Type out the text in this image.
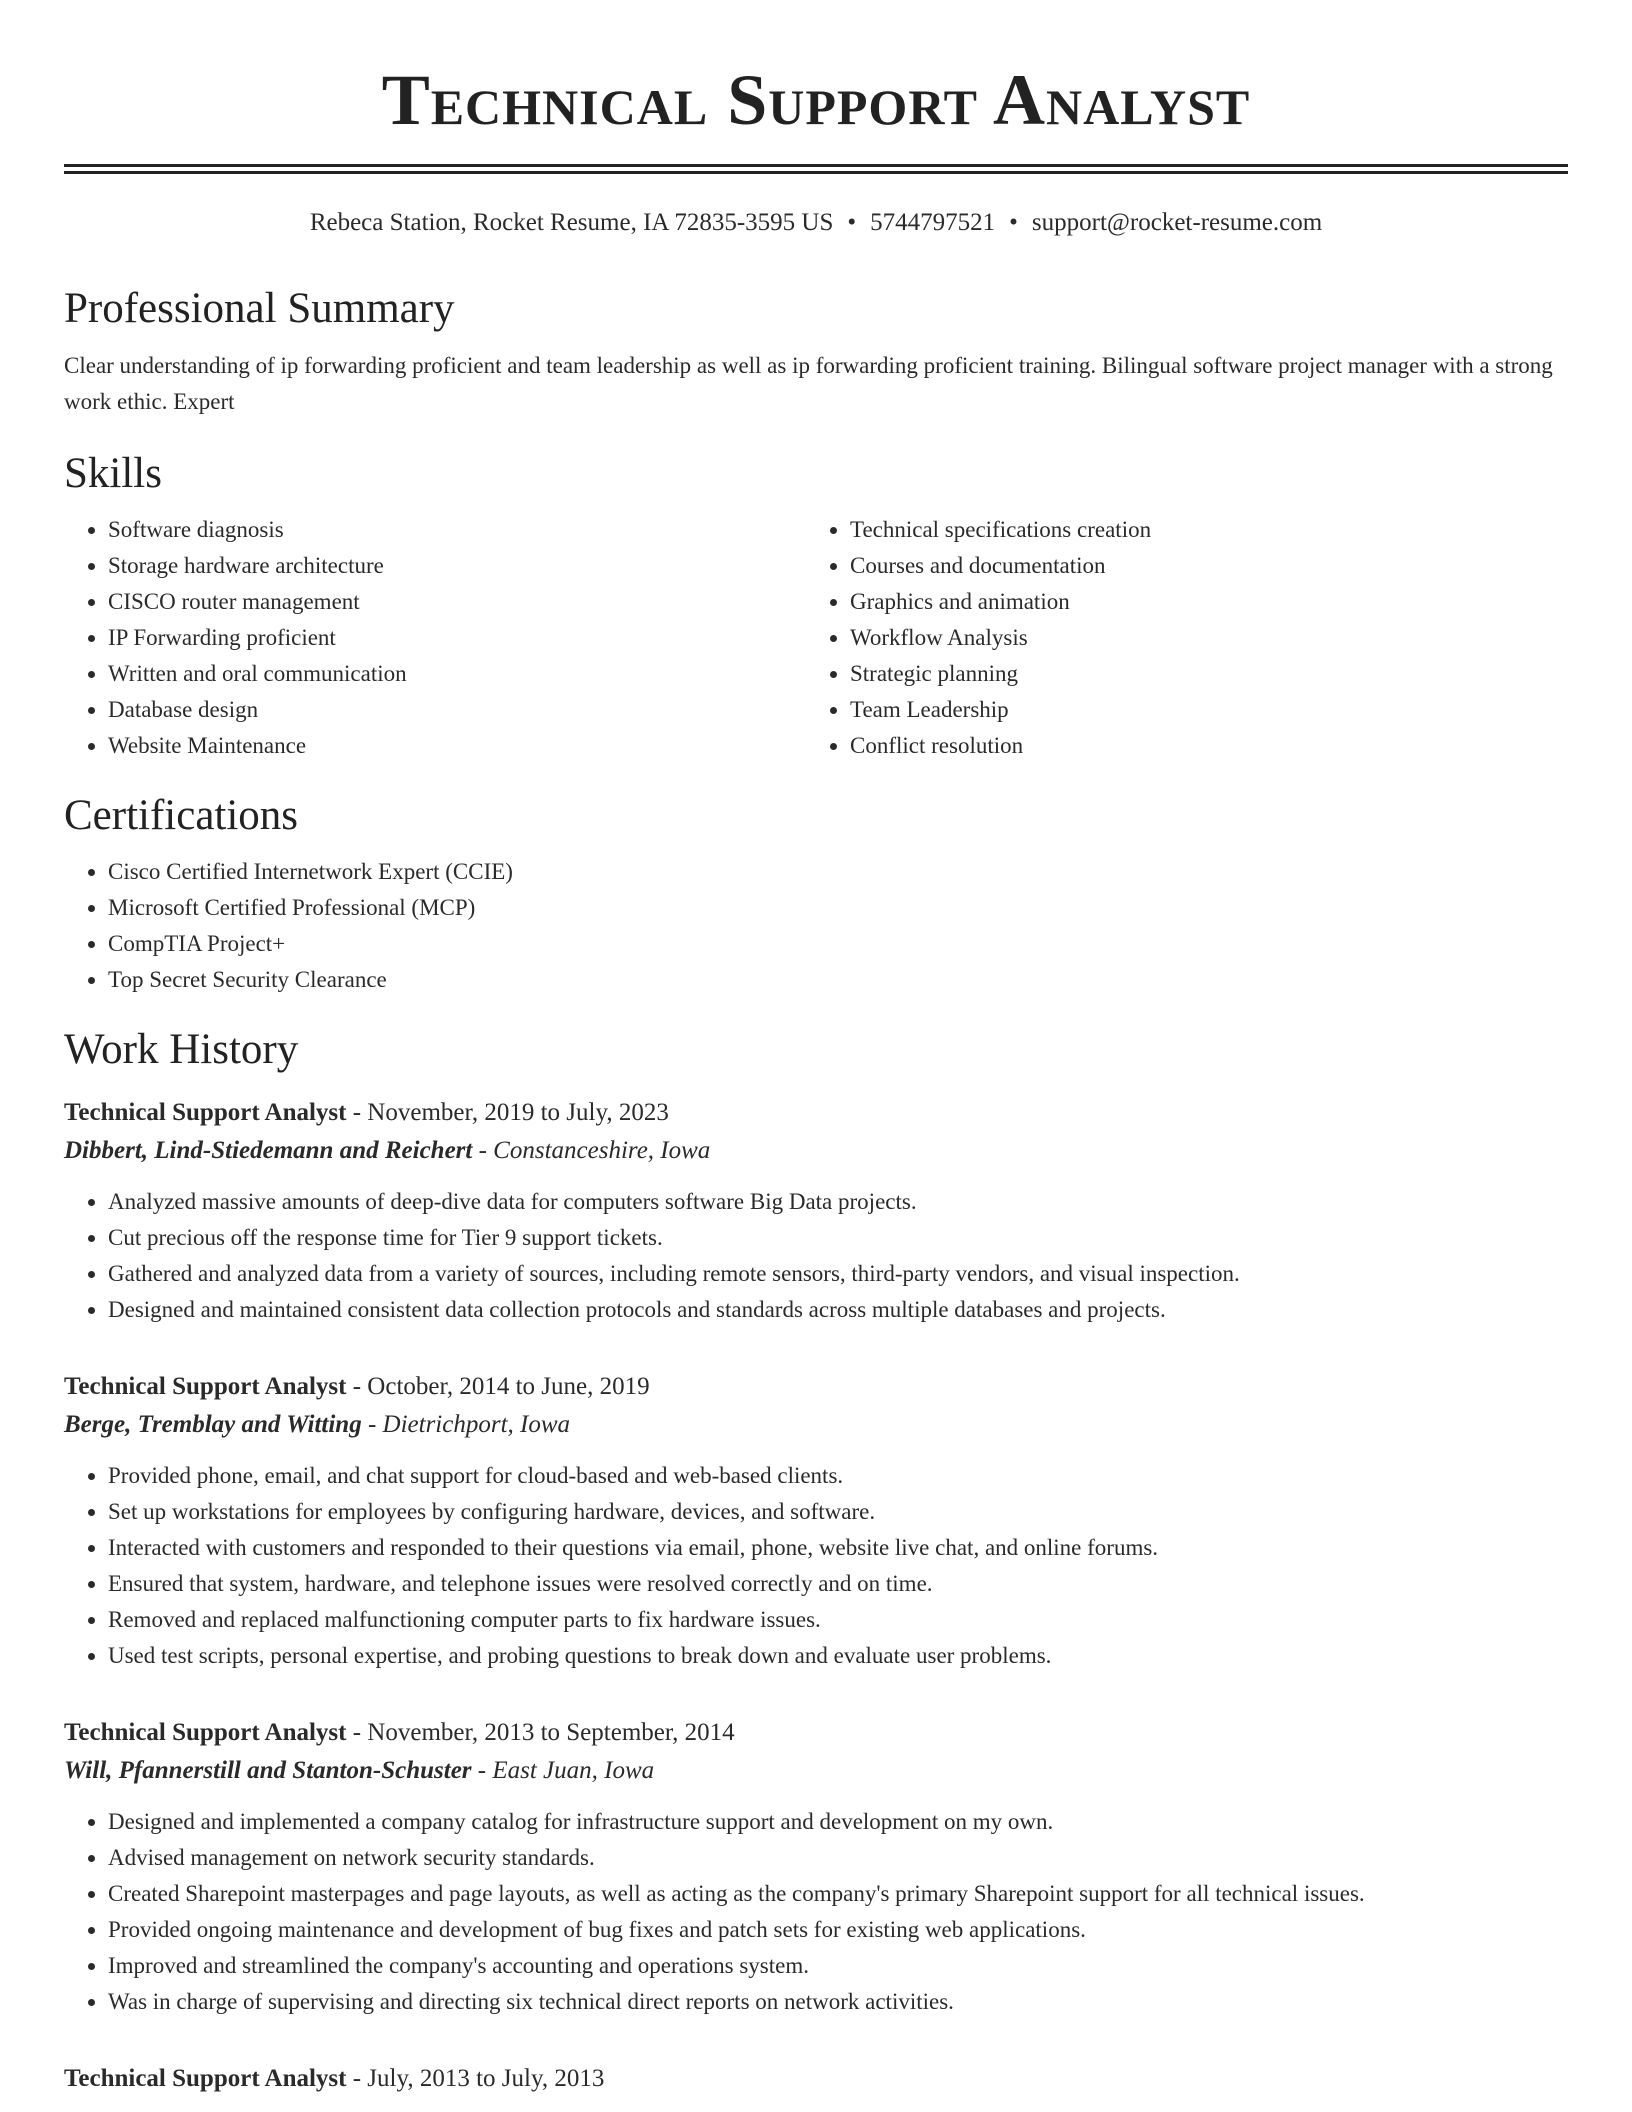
Technical Support Analyst
Rebeca Station, Rocket Resume, IA 72835-3595 US • 5744797521 • support@rocket-resume.com
Professional Summary
Clear understanding of ip forwarding proficient and team leadership as well as ip forwarding proficient training. Bilingual software project manager with a strong work ethic. Expert
Skills
• Software diagnosis
• Storage hardware architecture
• CISCO router management
• IP Forwarding proficient
• Written and oral communication
• Database design
• Website Maintenance
• Technical specifications creation
• Courses and documentation
• Graphics and animation
• Workflow Analysis
• Strategic planning
• Team Leadership
• Conflict resolution
Certifications
• Cisco Certified Internetwork Expert (CCIE)
• Microsoft Certified Professional (MCP)
• CompTIA Project+
• Top Secret Security Clearance
Work History
Technical Support Analyst - November, 2019 to July, 2023
Dibbert, Lind-Stiedemann and Reichert - Constanceshire, Iowa
• Analyzed massive amounts of deep-dive data for computers software Big Data projects.
• Cut precious off the response time for Tier 9 support tickets.
• Gathered and analyzed data from a variety of sources, including remote sensors, third-party vendors, and visual inspection.
• Designed and maintained consistent data collection protocols and standards across multiple databases and projects.
Technical Support Analyst - October, 2014 to June, 2019
Berge, Tremblay and Witting - Dietrichport, Iowa
• Provided phone, email, and chat support for cloud-based and web-based clients.
• Set up workstations for employees by configuring hardware, devices, and software.
• Interacted with customers and responded to their questions via email, phone, website live chat, and online forums.
• Ensured that system, hardware, and telephone issues were resolved correctly and on time.
• Removed and replaced malfunctioning computer parts to fix hardware issues.
• Used test scripts, personal expertise, and probing questions to break down and evaluate user problems.
Technical Support Analyst - November, 2013 to September, 2014
Will, Pfannerstill and Stanton-Schuster - East Juan, Iowa
• Designed and implemented a company catalog for infrastructure support and development on my own.
• Advised management on network security standards.
• Created Sharepoint masterpages and page layouts, as well as acting as the company's primary Sharepoint support for all technical issues.
• Provided ongoing maintenance and development of bug fixes and patch sets for existing web applications.
• Improved and streamlined the company's accounting and operations system.
• Was in charge of supervising and directing six technical direct reports on network activities.
Technical Support Analyst - July, 2013 to July, 2013
